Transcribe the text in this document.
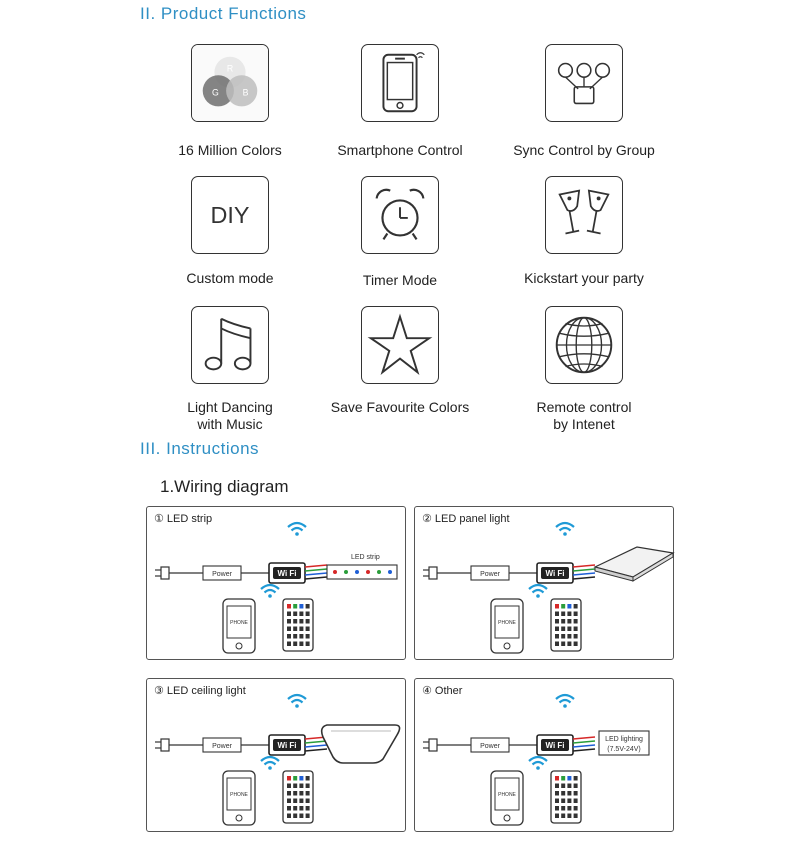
II. Product Functions
R
G	B
16 Million Colors	Smartphone Control	Sync Control by Group
DIY
Custom mode	Timer Mode	Kickstart your party
Light Dancing
with Music
Save Favourite Colors	Remote control
by Intenet
III. Instructions
1.Wiring diagram
① LED strip
Power	Wi Fi
PHONE
LED strip
② LED panel light
Power	Wi Fi
PHONE
③ LED ceiling light
Power	Wi Fi
PHONE
④ Other
Power	Wi Fi
PHONE
LED lighting
(7.5V-24V)
